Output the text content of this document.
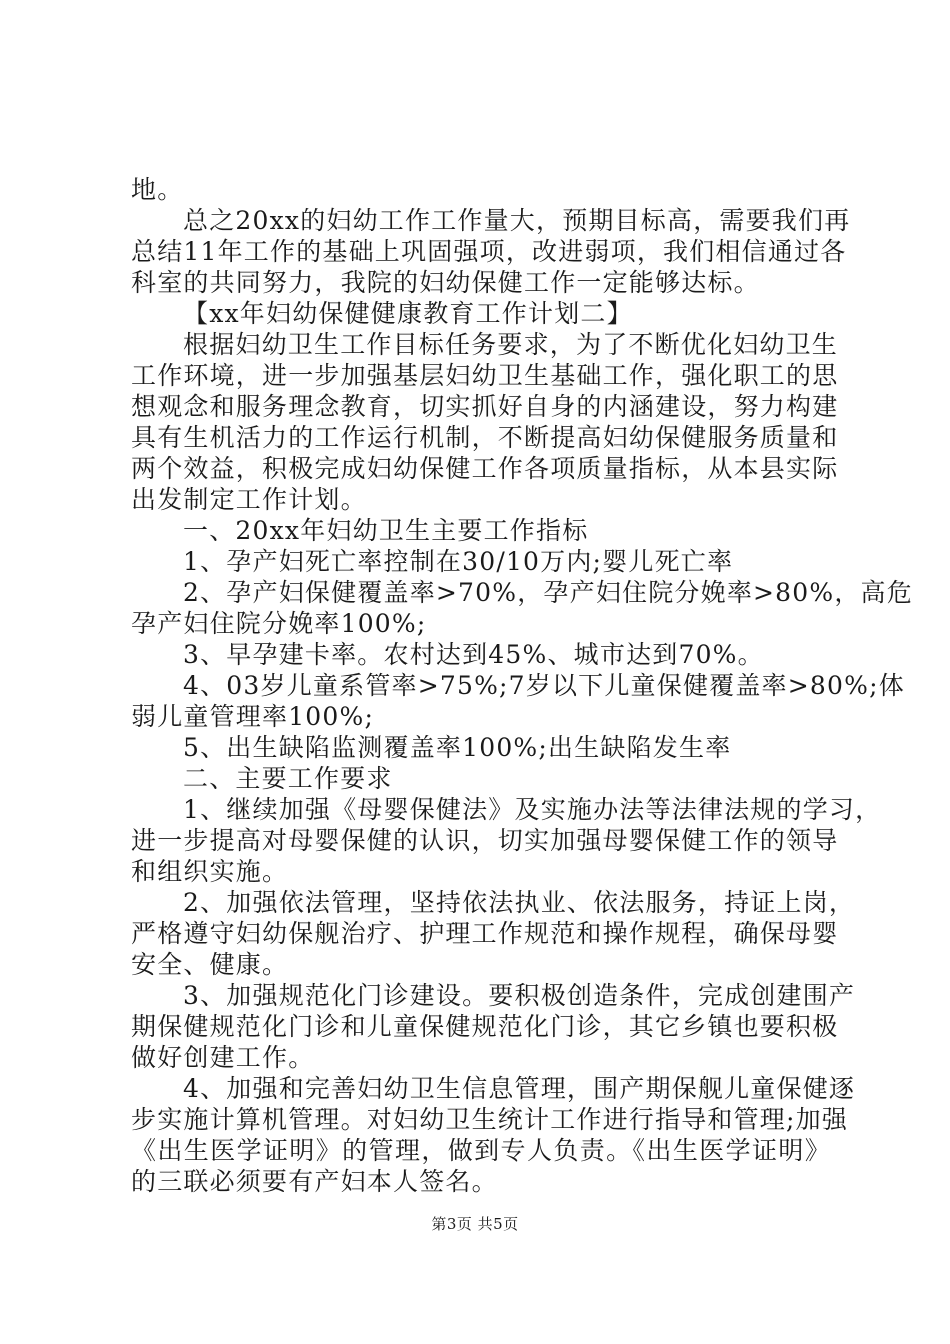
地。
总之20xx的妇幼工作工作量大，预期目标高，需要我们再
总结11年工作的基础上巩固强项，改进弱项，我们相信通过各
科室的共同努力，我院的妇幼保健工作一定能够达标。
【xx年妇幼保健健康教育工作计划二】
根据妇幼卫生工作目标任务要求，为了不断优化妇幼卫生
工作环境，进一步加强基层妇幼卫生基础工作，强化职工的思
想观念和服务理念教育，切实抓好自身的内涵建设，努力构建
具有生机活力的工作运行机制，不断提高妇幼保健服务质量和
两个效益，积极完成妇幼保健工作各项质量指标，从本县实际
出发制定工作计划。
一、20xx年妇幼卫生主要工作指标
1、孕产妇死亡率控制在30/10万内;婴儿死亡率
2、孕产妇保健覆盖率>70%，孕产妇住院分娩率>80%，高危
孕产妇住院分娩率100%;
3、早孕建卡率。农村达到45%、城市达到70%。
4、03岁儿童系管率>75%;7岁以下儿童保健覆盖率>80%;体
弱儿童管理率100%;
5、出生缺陷监测覆盖率100%;出生缺陷发生率
二、主要工作要求
1、继续加强《母婴保健法》及实施办法等法律法规的学习，
进一步提高对母婴保健的认识，切实加强母婴保健工作的领导
和组织实施。
2、加强依法管理，坚持依法执业、依法服务，持证上岗，
严格遵守妇幼保舰治疗、护理工作规范和操作规程，确保母婴
安全、健康。
3、加强规范化门诊建设。要积极创造条件，完成创建围产
期保健规范化门诊和儿童保健规范化门诊，其它乡镇也要积极
做好创建工作。
4、加强和完善妇幼卫生信息管理，围产期保舰儿童保健逐
步实施计算机管理。对妇幼卫生统计工作进行指导和管理;加强
《出生医学证明》的管理，做到专人负责。《出生医学证明》
的三联必须要有产妇本人签名。
第3页 共5页
